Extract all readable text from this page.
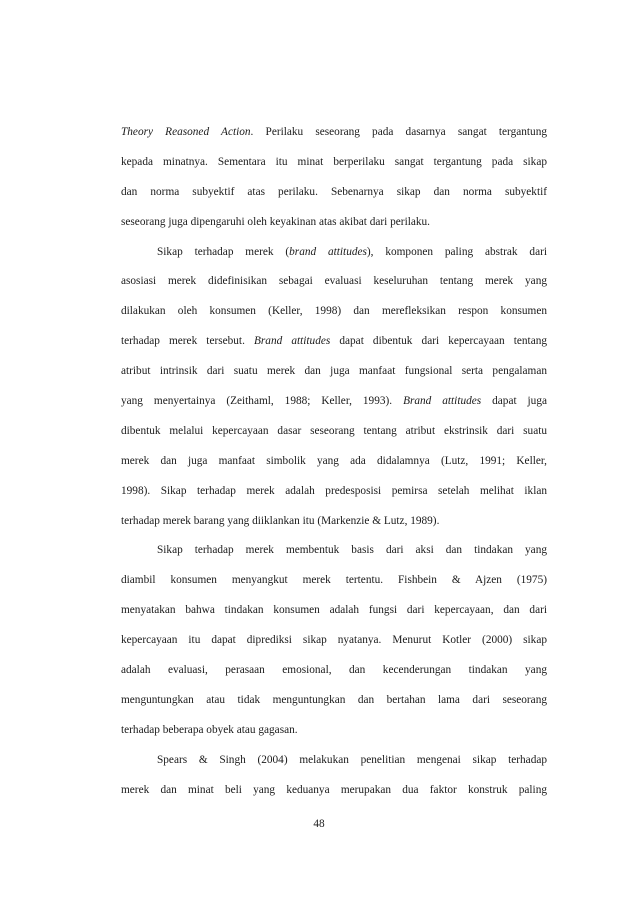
Theory Reasoned Action. Perilaku seseorang pada dasarnya sangat tergantung
kepada minatnya. Sementara itu minat berperilaku sangat tergantung pada sikap
dan norma subyektif atas perilaku. Sebenarnya sikap dan norma subyektif
seseorang juga dipengaruhi oleh keyakinan atas akibat dari perilaku.

Sikap terhadap merek (brand attitudes), komponen paling abstrak dari
asosiasi merek didefinisikan sebagai evaluasi keseluruhan tentang merek yang
dilakukan oleh konsumen (Keller, 1998) dan merefleksikan respon konsumen
terhadap merek tersebut. Brand attitudes dapat dibentuk dari kepercayaan tentang
atribut intrinsik dari suatu merek dan juga manfaat fungsional serta pengalaman
yang menyertainya (Zeithaml, 1988; Keller, 1993). Brand attitudes dapat juga
dibentuk melalui kepercayaan dasar seseorang tentang atribut ekstrinsik dari suatu
merek dan juga manfaat simbolik yang ada didalamnya (Lutz, 1991; Keller,
1998). Sikap terhadap merek adalah predesposisi pemirsa setelah melihat iklan
terhadap merek barang yang diiklankan itu (Markenzie & Lutz, 1989).

Sikap terhadap merek membentuk basis dari aksi dan tindakan yang
diambil konsumen menyangkut merek tertentu. Fishbein & Ajzen (1975)
menyatakan bahwa tindakan konsumen adalah fungsi dari kepercayaan, dan dari
kepercayaan itu dapat diprediksi sikap nyatanya. Menurut Kotler (2000) sikap
adalah evaluasi, perasaan emosional, dan kecenderungan tindakan yang
menguntungkan atau tidak menguntungkan dan bertahan lama dari seseorang
terhadap beberapa obyek atau gagasan.

Spears & Singh (2004) melakukan penelitian mengenai sikap terhadap
merek dan minat beli yang keduanya merupakan dua faktor konstruk paling

48
